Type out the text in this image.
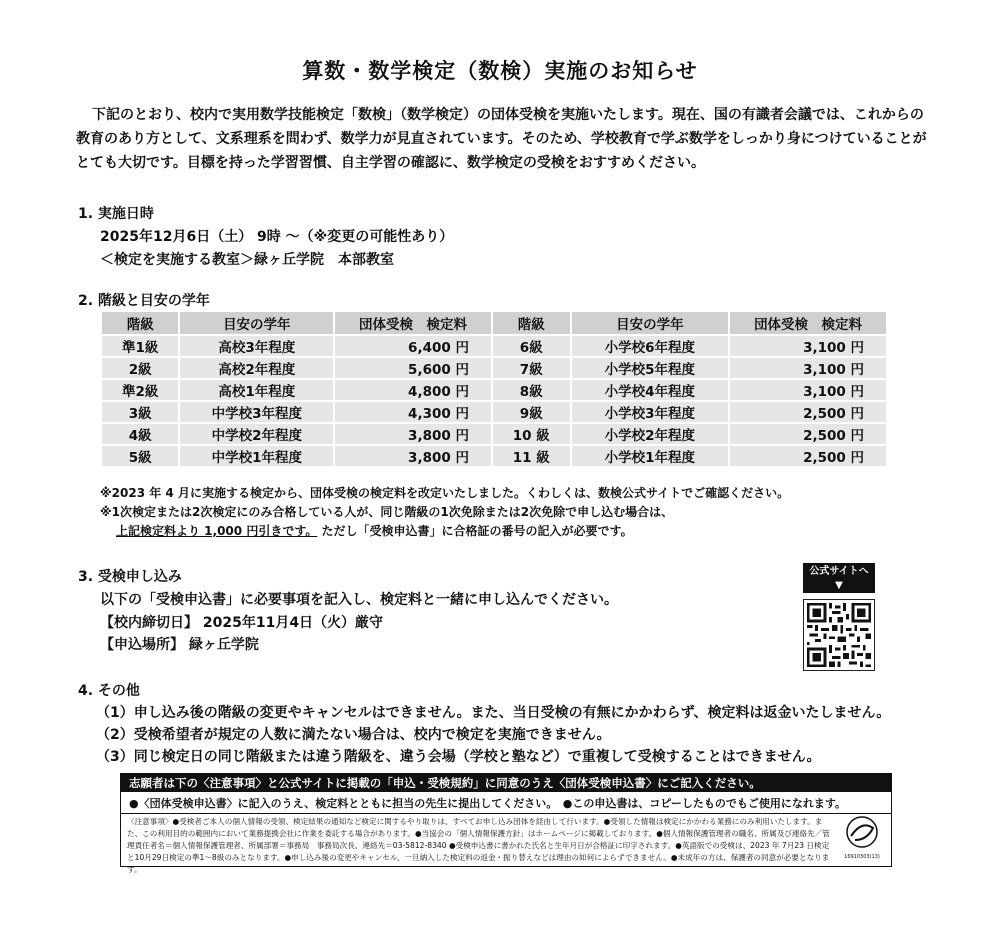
算数・数学検定（数検）実施のお知らせ
下記のとおり、校内で実用数学技能検定「数検」（数学検定）の団体受検を実施いたします。現在、国の有識者会議では、これからの教育のあり方として、文系理系を問わず、数学力が見直されています。そのため、学校教育で学ぶ数学をしっかり身につけていることがとても大切です。目標を持った学習習慣、自主学習の確認に、数学検定の受検をおすすめください。
1. 実施日時
2025年12月6日（土） 9時 ～（※変更の可能性あり）
＜検定を実施する教室＞緑ヶ丘学院　本部教室
2. 階級と目安の学年
階級	目安の学年	団体受検　検定料	階級	目安の学年	団体受検　検定料
準1級	高校3年程度	6,400 円	6級	小学校6年程度	3,100 円
2級	高校2年程度	5,600 円	7級	小学校5年程度	3,100 円
準2級	高校1年程度	4,800 円	8級	小学校4年程度	3,100 円
3級	中学校3年程度	4,300 円	9級	小学校3年程度	2,500 円
4級	中学校2年程度	3,800 円	10 級	小学校2年程度	2,500 円
5級	中学校1年程度	3,800 円	11 級	小学校1年程度	2,500 円
※2023 年 4 月に実施する検定から、団体受検の検定料を改定いたしました。くわしくは、数検公式サイトでご確認ください。
※1次検定または2次検定にのみ合格している人が、同じ階級の1次免除または2次免除で申し込む場合は、
上記検定料より 1,000 円引きです。 ただし「受検申込書」に合格証の番号の記入が必要です。
3. 受検申し込み
以下の「受検申込書」に必要事項を記入し、検定料と一緒に申し込んでください。
【校内締切日】 2025年11月4日（火）厳守
【申込場所】 緑ヶ丘学院
公式サイトへ
▼
4. その他
（1）申し込み後の階級の変更やキャンセルはできません。また、当日受検の有無にかかわらず、検定料は返金いたしません。
（2）受検希望者が規定の人数に満たない場合は、校内で検定を実施できません。
（3）同じ検定日の同じ階級または違う階級を、違う会場（学校と塾など）で重複して受検することはできません。
志願者は下の〈注意事項〉と公式サイトに掲載の「申込・受検規約」に同意のうえ〈団体受検申込書〉にご記入ください。
●〈団体受検申込書〉に記入のうえ、検定料とともに担当の先生に提出してください。　●この申込書は、コピーしたものでもご使用になれます。
〈注意事項〉●受検者ご本人の個人情報の受領、検定結果の通知など検定に関するやり取りは、すべてお申し込み団体を経由して行います。●受領した情報は検定にかかわる業務にのみ利用いたします。また、この利用目的の範囲内において業務提携会社に作業を委託する場合があります。●当協会の「個人情報保護方針」はホームページに掲載しております。●個人情報保護管理者の職名、所属及び連絡先／管理責任者名＝個人情報保護管理者、所属部署＝事務局　事務局次長、連絡先＝03-5812-8340 ●受検申込書に書かれた氏名と生年月日が合格証に印字されます。●英語版での受検は、2023 年 7月23 日検定と10月29日検定の準1～8級のみとなります。●申し込み後の変更やキャンセル、一旦納入した検定料の返金・振り替えなどは理由の如何によらずできません。●未成年の方は、保護者の同意が必要となります。
16910303(13)
